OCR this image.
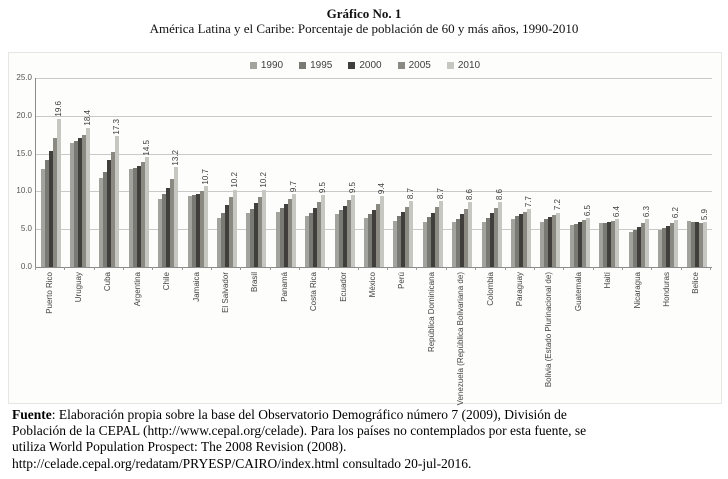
Gráfico No. 1
América Latina y el Caribe: Porcentaje de población de 60 y más años, 1990-2010
1990	1995	2000	2005	2010
0.0
5.0
10.0
15.0
20.0
25.0
19.6
18.4
17.3
14.5
13.2
10.7	10.2	10.2	9.7	9.5	9.5	9.4	8.7	8.7	8.6	8.6
7.7	7.2	6.5	6.4	6.3	6.2	5.9
Puerto Rico	Uruguay	Cuba	Argentina	Chile	Jamaica	El Salvador	Brasil	Panamá	Costa Rica	Ecuador	México	Perú	República Dominicana	Venezuela (República Bolivariana de)	Colombia	Paraguay	Bolivia (Estado Plurinacional de)	Guatemala	Haití	Nicaragua	Honduras	Belice
Fuente: Elaboración propia sobre la base del Observatorio Demográfico número 7 (2009), División de Población de la CEPAL (http://www.cepal.org/celade). Para los países no contemplados por esta fuente, se utiliza World Population Prospect: The 2008 Revision (2008). http://celade.cepal.org/redatam/PRYESP/CAIRO/index.html consultado 20-jul-2016.
